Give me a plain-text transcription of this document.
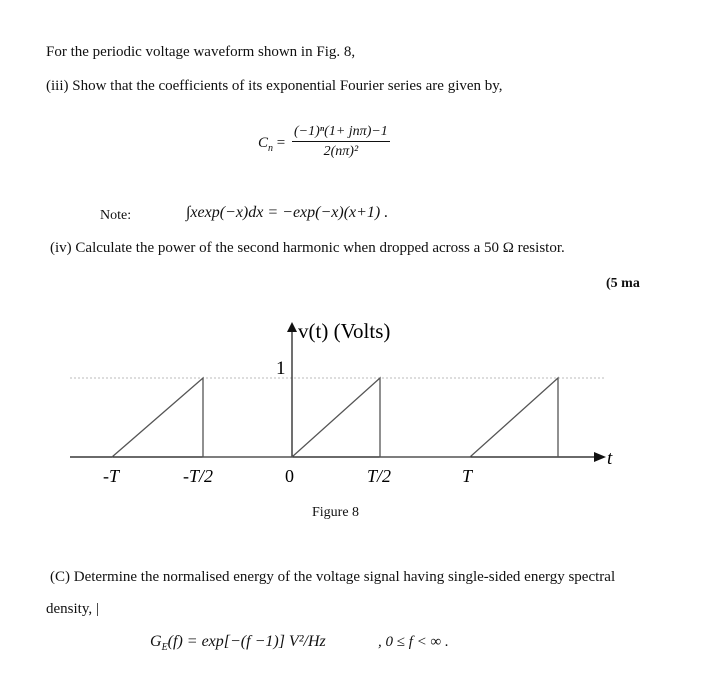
For the periodic voltage waveform shown in Fig. 8,
(iii) Show that the coefficients of its exponential Fourier series are given by,
$C_n$ =
(−1)ⁿ(1+ jnπ)−1
2(nπ)²
Note:	∫xexp(−x)dx = −exp(−x)(x+1) .
(iv) Calculate the power of the second harmonic when dropped across a 50 Ω resistor.
(5 ma
v(t) (Volts)
1
t
-T	-T/2	0	T/2	T
Figure 8
(C) Determine the normalised energy of the voltage signal having single-sided energy spectral
density, |
$G_E(f) = \exp[-(f -1)]$ V²/Hz	, 0 ≤ f < ∞ .
